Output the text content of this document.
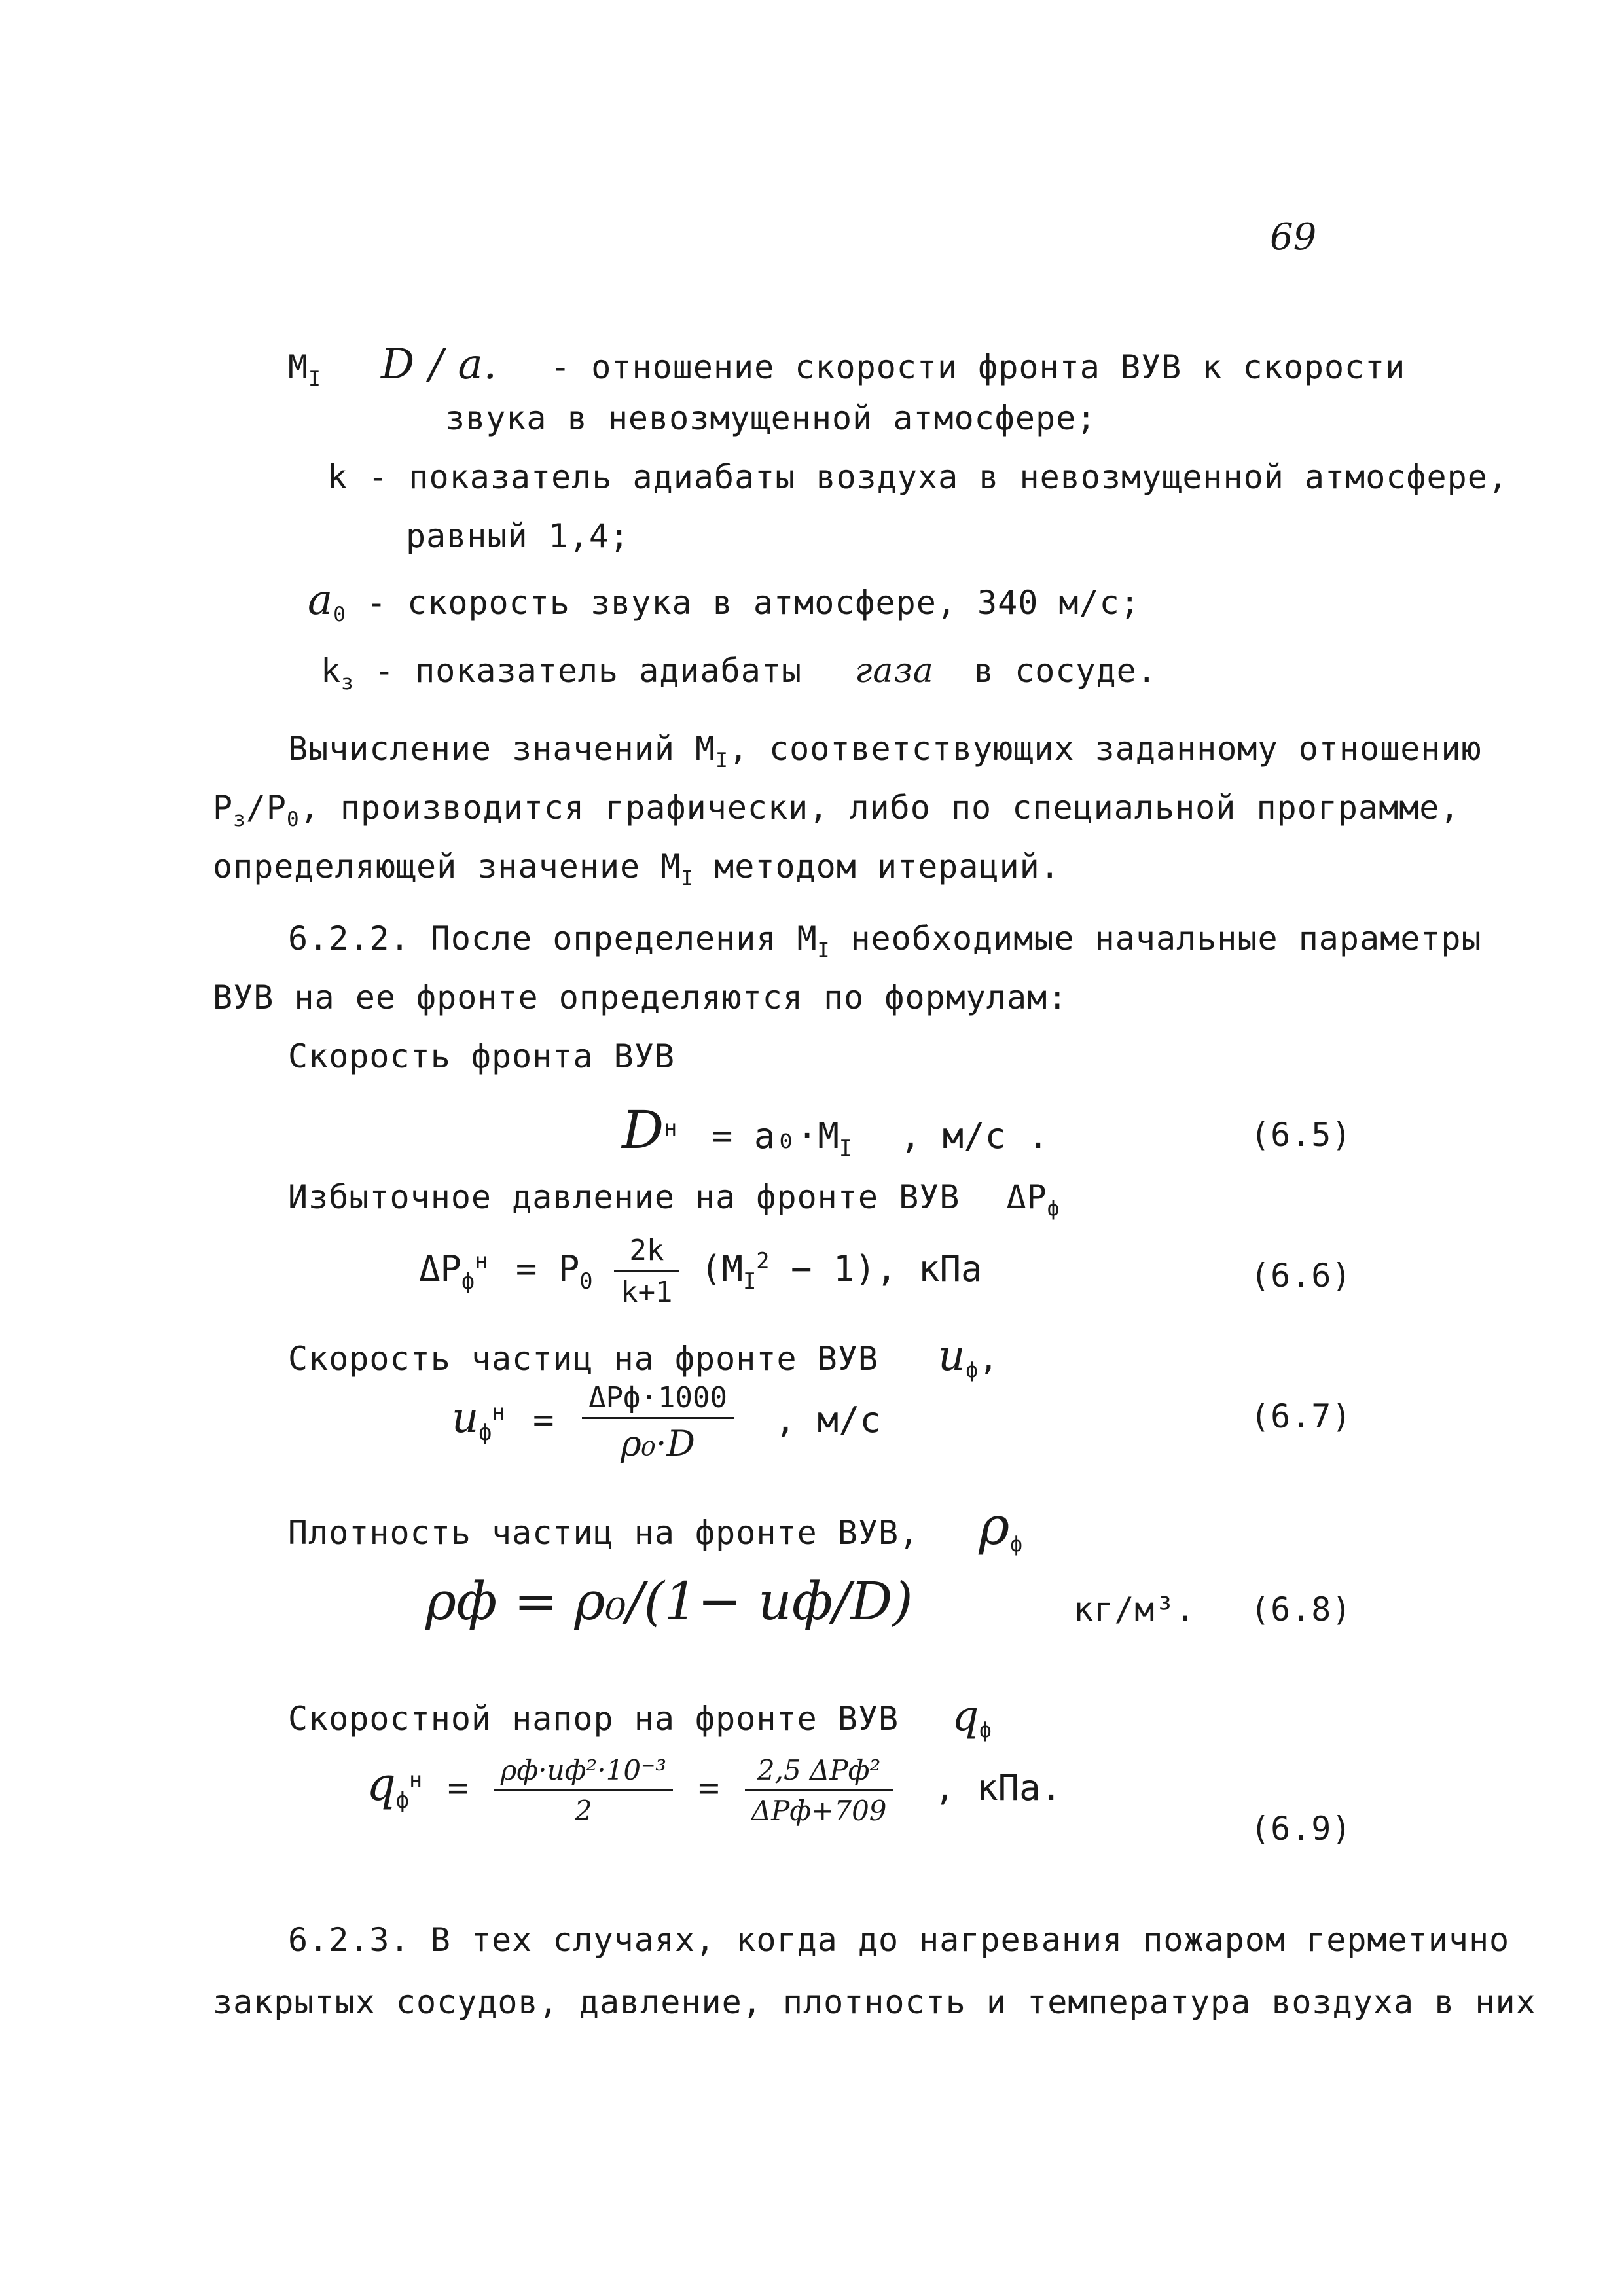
69
$M_I$ D / a. - отношение скорости фронта ВУВ к скорости
звука в невозмущенной атмосфере;
k - показатель адиабаты воздуха в невозмущенной атмосфере,
равный 1,4;
$a_0$ - скорость звука в атмосфере, 340 м/с;
$k_з$ - показатель адиабаты газа в сосуде.
Вычисление значений $M_I$, соответствующих заданному отношению
$P_з/P_0$, производится графически, либо по специальной программе,
определяющей значение $M_I$ методом итераций.
6.2.2. После определения $M_I$ необходимые начальные параметры
ВУВ на ее фронте определяются по формулам:
Скорость фронта ВУВ
$D^н = a_0\cdot M_I$ , м/с .	(6.5)
Избыточное давление на фронте ВУВ $\Delta P_ф$
$\Delta P_ф^н = P_0 \frac{2k}{k+1} (M_I^2 - 1)$, кПа	(6.6)
Скорость частиц на фронте ВУВ $u_ф$,
$u_ф^н = \frac{\text{ΔPф·1000}}{\text{ρ₀·D}}$ , м/с	(6.7)
Плотность частиц на фронте ВУВ, $\rho_ф$
ρф = ρ₀/(1− uф/D)	кг/м³. (6.8)
Скоростной напор на фронте ВУВ $q_ф$
$q_ф^н = \frac{\text{ρф·uф²·10⁻³}}{2} = \frac{\text{2,5 ΔPф²}}{\text{ΔPф+709}}$ , кПа.
(6.9)
6.2.3. В тех случаях, когда до нагревания пожаром герметично
закрытых сосудов, давление, плотность и температура воздуха в них
